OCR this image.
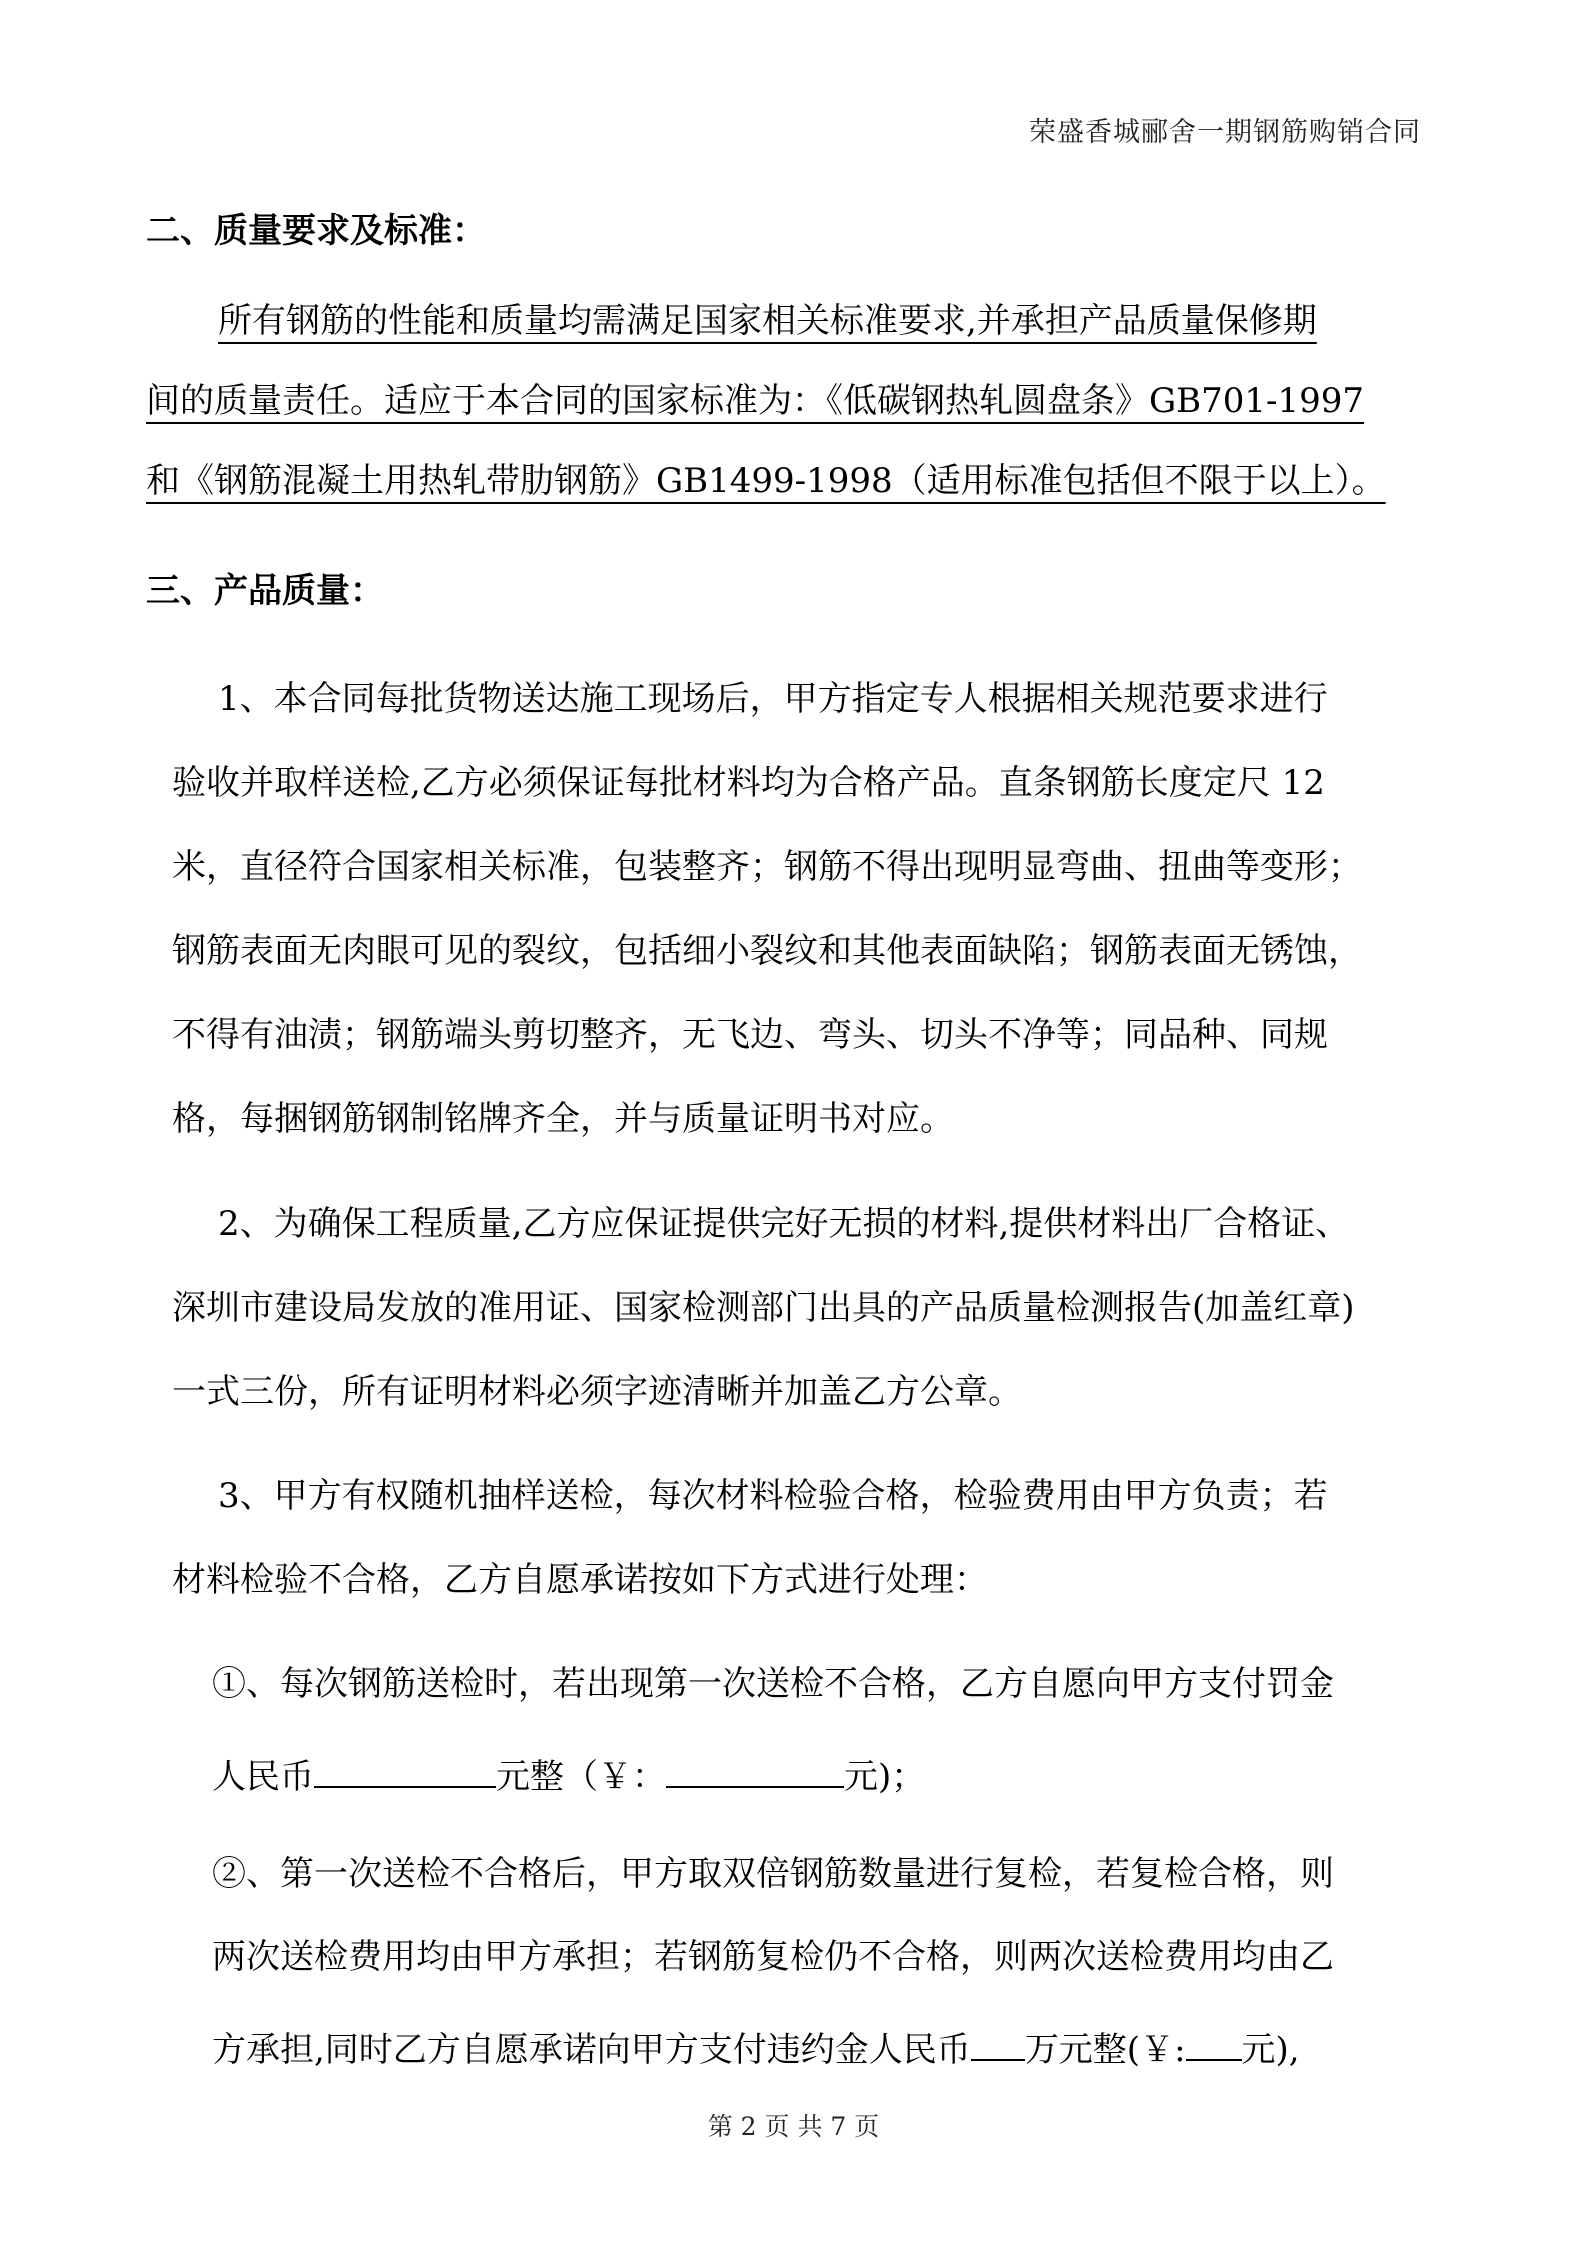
荣盛香城郦舍一期钢筋购销合同
二、质量要求及标准：
所有钢筋的性能和质量均需满足国家相关标准要求,并承担产品质量保修期
间的质量责任。适应于本合同的国家标准为：《低碳钢热轧圆盘条》GB701-1997
和《钢筋混凝土用热轧带肋钢筋》GB1499-1998（适用标准包括但不限于以上）。
三、产品质量：
1、本合同每批货物送达施工现场后，甲方指定专人根据相关规范要求进行
验收并取样送检,乙方必须保证每批材料均为合格产品。直条钢筋长度定尺 12
米，直径符合国家相关标准，包装整齐；钢筋不得出现明显弯曲、扭曲等变形；
钢筋表面无肉眼可见的裂纹，包括细小裂纹和其他表面缺陷；钢筋表面无锈蚀，
不得有油渍；钢筋端头剪切整齐，无飞边、弯头、切头不净等；同品种、同规
格，每捆钢筋钢制铭牌齐全，并与质量证明书对应。
2、为确保工程质量,乙方应保证提供完好无损的材料,提供材料出厂合格证、
深圳市建设局发放的准用证、国家检测部门出具的产品质量检测报告(加盖红章)
一式三份，所有证明材料必须字迹清晰并加盖乙方公章。
3、甲方有权随机抽样送检，每次材料检验合格，检验费用由甲方负责；若
材料检验不合格，乙方自愿承诺按如下方式进行处理：
①、每次钢筋送检时，若出现第一次送检不合格，乙方自愿向甲方支付罚金
人民币	元整（￥：	元)；
②、第一次送检不合格后，甲方取双倍钢筋数量进行复检，若复检合格，则
两次送检费用均由甲方承担；若钢筋复检仍不合格，则两次送检费用均由乙
方承担,同时乙方自愿承诺向甲方支付违约金人民币 万元整(￥: 元),
第 2 页 共 7 页
